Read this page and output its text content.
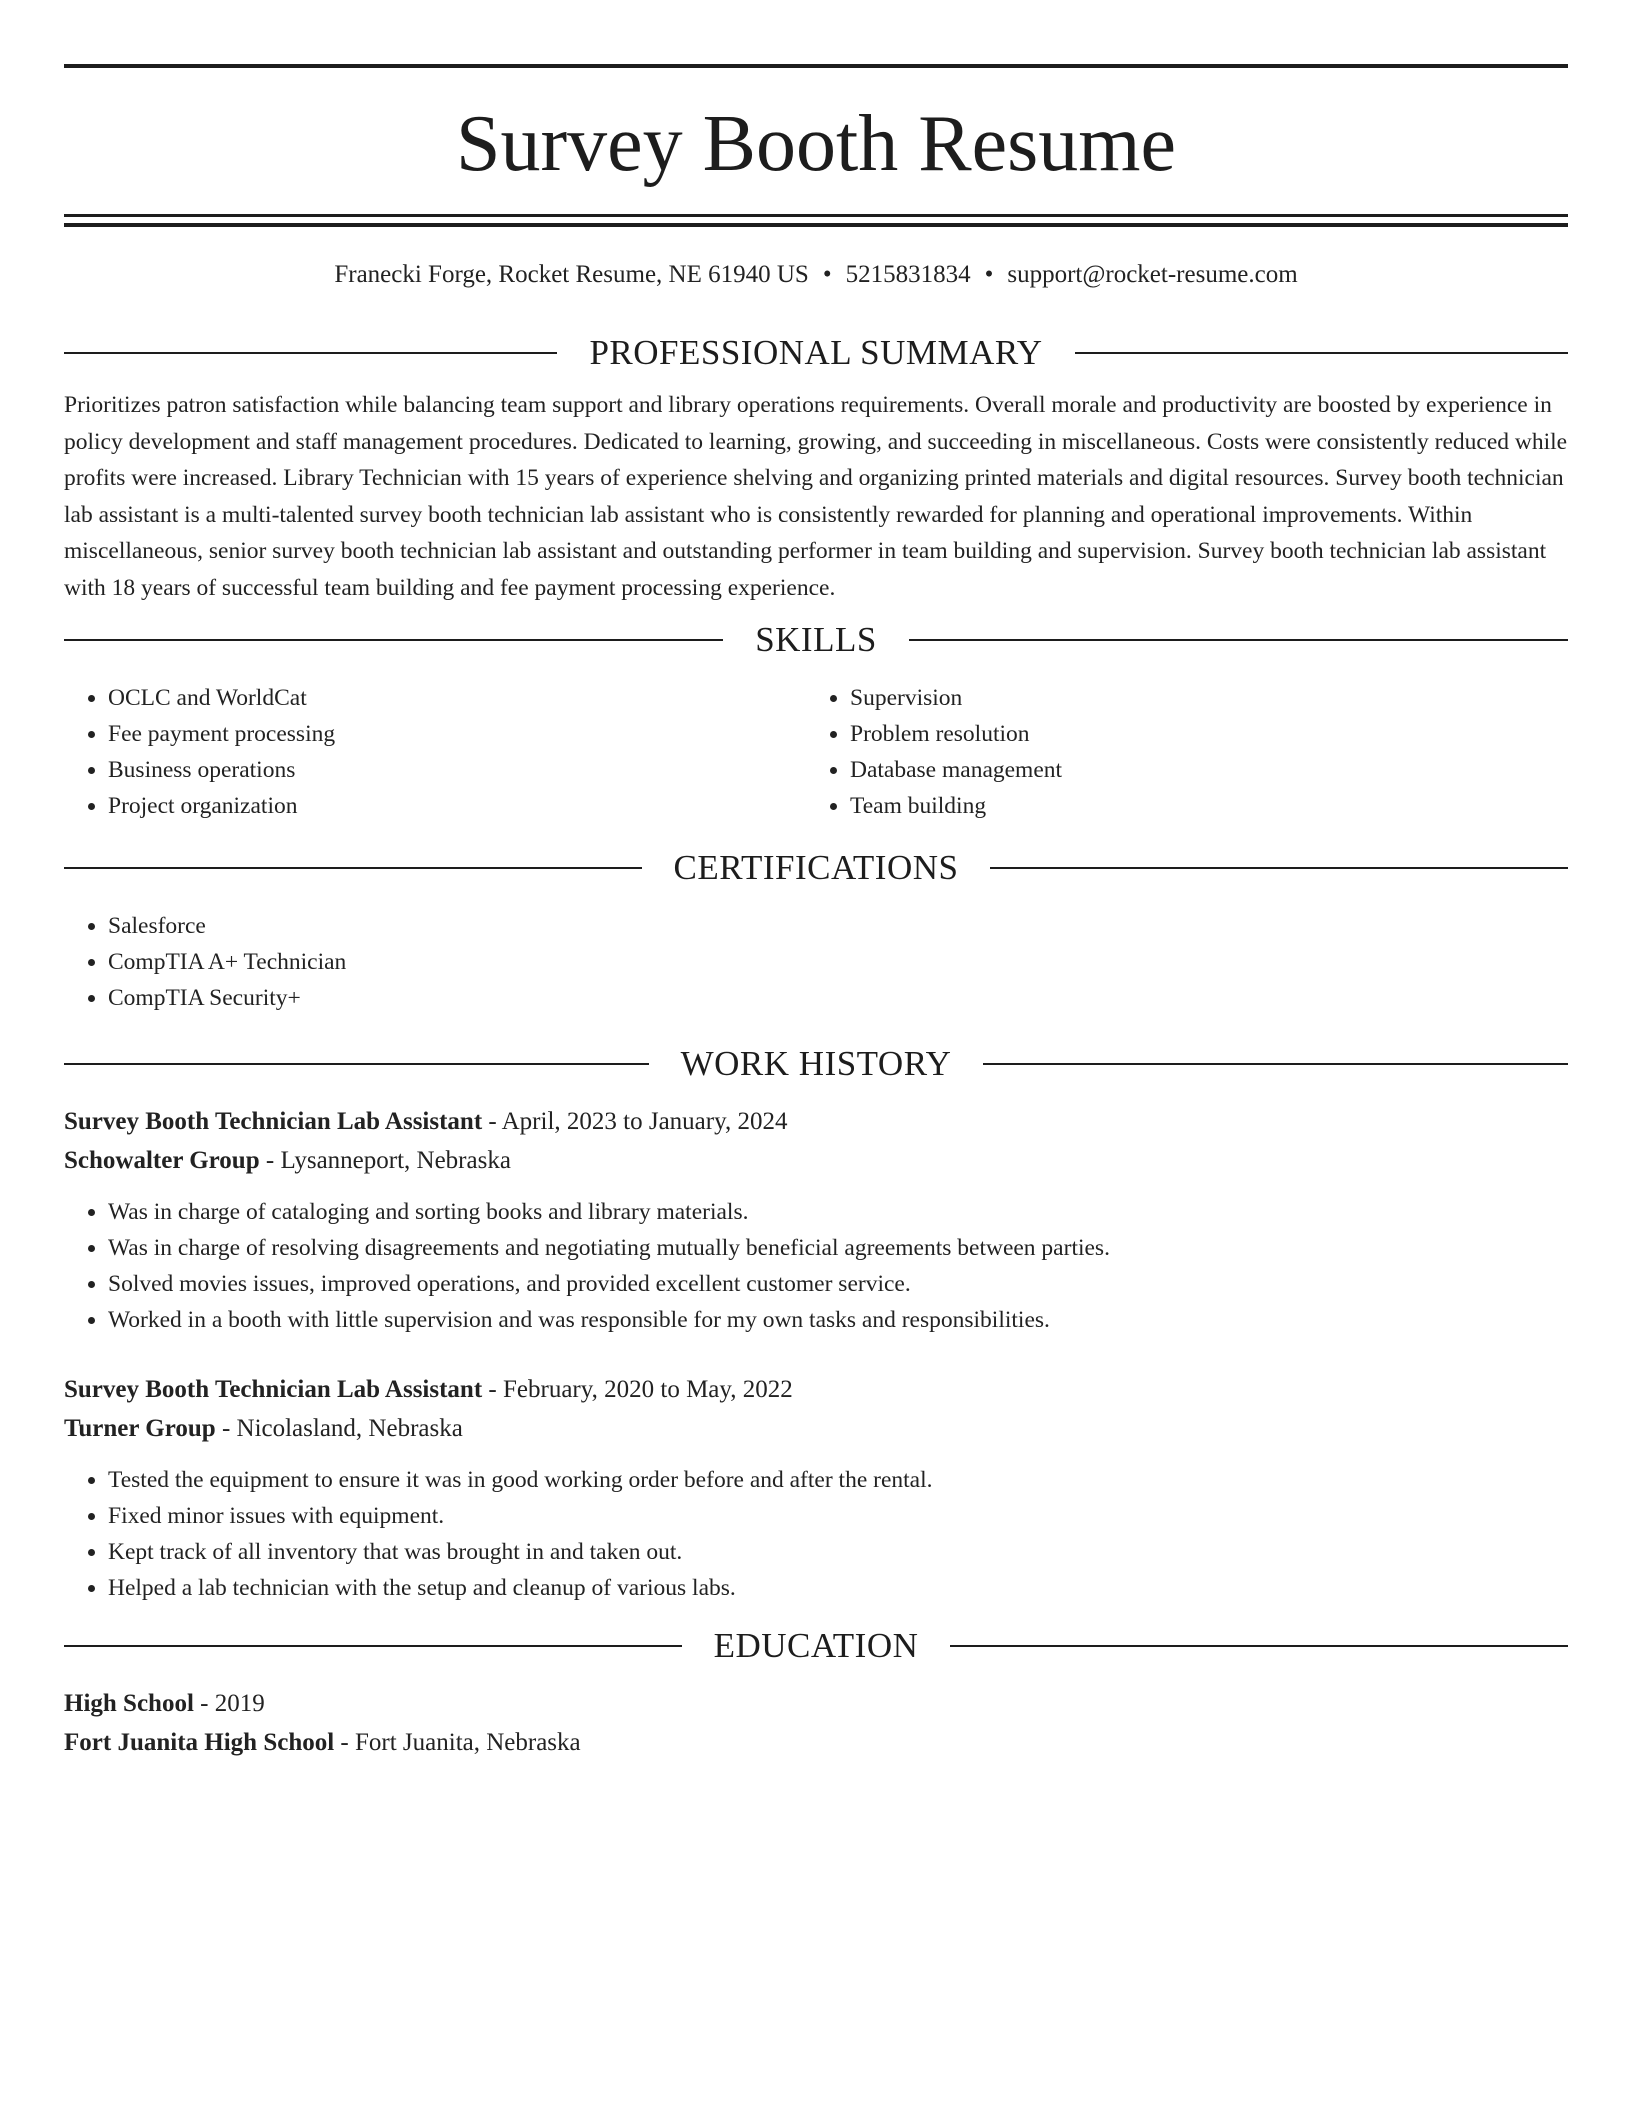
Survey Booth Resume
Franecki Forge, Rocket Resume, NE 61940 US • 5215831834 • support@rocket-resume.com
PROFESSIONAL SUMMARY

Prioritizes patron satisfaction while balancing team support and library operations requirements. Overall morale and productivity are boosted by experience in policy development and staff management procedures. Dedicated to learning, growing, and succeeding in miscellaneous. Costs were consistently reduced while profits were increased. Library Technician with 15 years of experience shelving and organizing printed materials and digital resources. Survey booth technician lab assistant is a multi-talented survey booth technician lab assistant who is consistently rewarded for planning and operational improvements. Within miscellaneous, senior survey booth technician lab assistant and outstanding performer in team building and supervision. Survey booth technician lab assistant with 18 years of successful team building and fee payment processing experience.

SKILLS
• OCLC and WorldCat
• Fee payment processing
• Business operations
• Project organization
• Supervision
• Problem resolution
• Database management
• Team building
CERTIFICATIONS
• Salesforce
• CompTIA A+ Technician
• CompTIA Security+
WORK HISTORY
Survey Booth Technician Lab Assistant - April, 2023 to January, 2024
Schowalter Group - Lysanneport, Nebraska
• Was in charge of cataloging and sorting books and library materials.
• Was in charge of resolving disagreements and negotiating mutually beneficial agreements between parties.
• Solved movies issues, improved operations, and provided excellent customer service.
• Worked in a booth with little supervision and was responsible for my own tasks and responsibilities.
Survey Booth Technician Lab Assistant - February, 2020 to May, 2022
Turner Group - Nicolasland, Nebraska
• Tested the equipment to ensure it was in good working order before and after the rental.
• Fixed minor issues with equipment.
• Kept track of all inventory that was brought in and taken out.
• Helped a lab technician with the setup and cleanup of various labs.
EDUCATION
High School - 2019
Fort Juanita High School - Fort Juanita, Nebraska
